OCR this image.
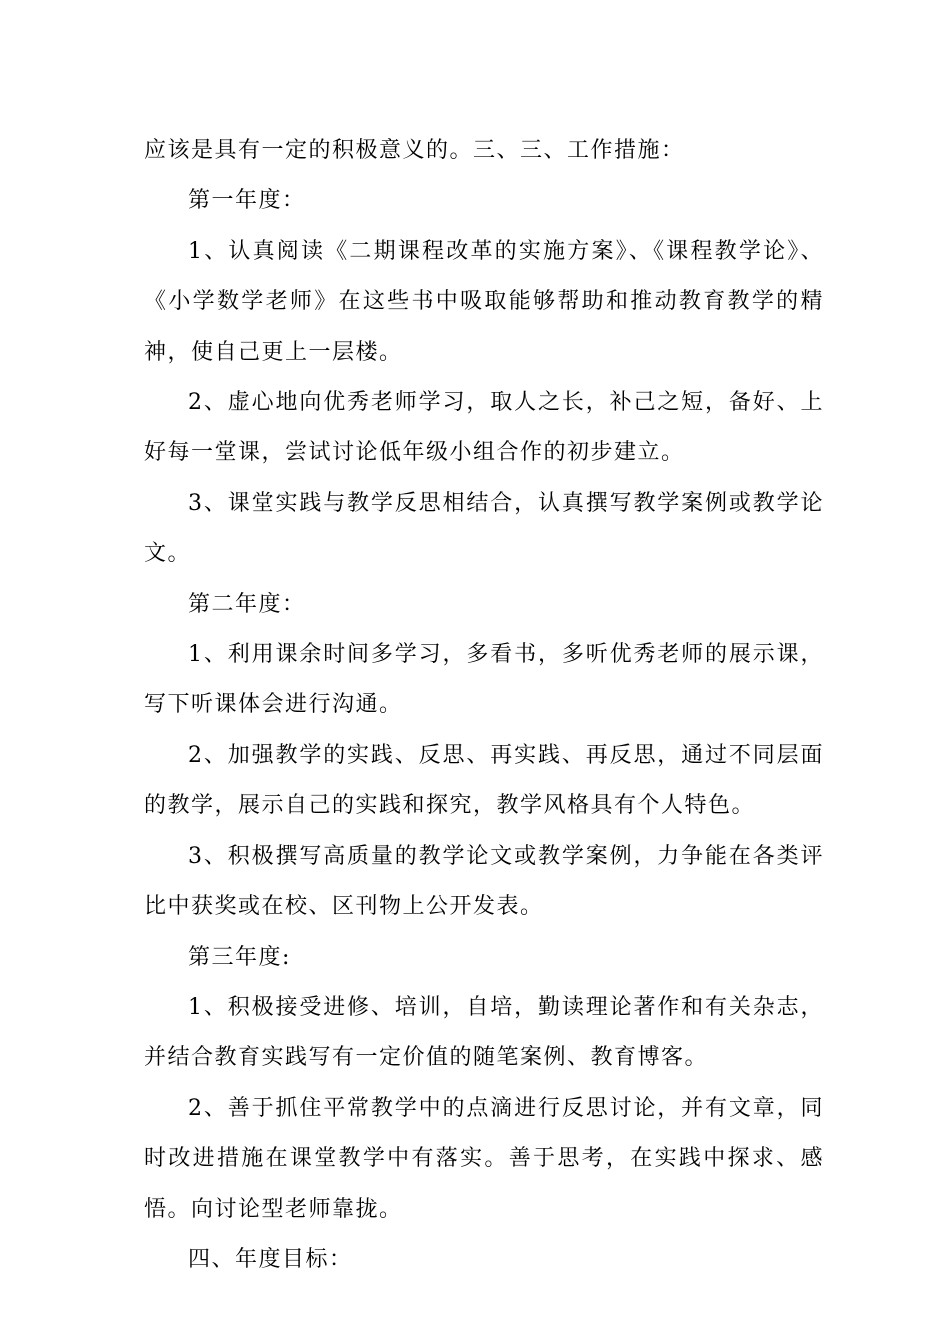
应该是具有一定的积极意义的。三、三、工作措施：

第一年度：

1、认真阅读《二期课程改革的实施方案》、《课程教学论》、《小学数学老师》在这些书中吸取能够帮助和推动教育教学的精神，使自己更上一层楼。

2、虚心地向优秀老师学习，取人之长，补己之短，备好、上好每一堂课，尝试讨论低年级小组合作的初步建立。

3、课堂实践与教学反思相结合，认真撰写教学案例或教学论文。

第二年度：

1、利用课余时间多学习，多看书，多听优秀老师的展示课，写下听课体会进行沟通。

2、加强教学的实践、反思、再实践、再反思，通过不同层面的教学，展示自己的实践和探究，教学风格具有个人特色。

3、积极撰写高质量的教学论文或教学案例，力争能在各类评比中获奖或在校、区刊物上公开发表。

第三年度:

1、积极接受进修、培训，自培，勤读理论著作和有关杂志，并结合教育实践写有一定价值的随笔案例、教育博客。

2、善于抓住平常教学中的点滴进行反思讨论，并有文章，同时改进措施在课堂教学中有落实。善于思考，在实践中探求、感悟。向讨论型老师靠拢。

四、年度目标：
